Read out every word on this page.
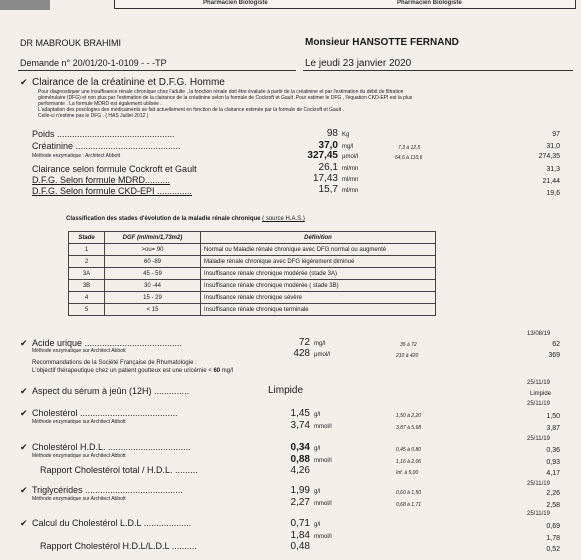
Pharmacien Biologiste	Pharmacien Biologiste
DR MABROUK BRAHIMI	Monsieur HANSOTTE FERNAND
Demande n° 20/01/20-1-0109 - - -TP	Le jeudi 23 janvier 2020
✔ Clairance de la créatinine et D.F.G. Homme
Pour diagnostiquer une insuffisance rénale chronique chez l'adulte , la fonction rénale doit être évaluée à partir de la créatinine et par l'estimation du débit de filtration
glomérulaire (DFG) et non plus par l'estimation de la clairance de la créatinine selon la formule de Cockroft et Gault .Pour estimer le DFG , l'équation CKD-EPI est la plus
performante . La formule MDRD est également utilisée .
L'adaptation des posologies des médicaments se fait actuellement en fonction de la clairance estimée par la formule de Cockroft et Gault .
Celle-ci n'estime pas le DFG . ( HAS Juillet 2012 )
Poids ...............................................	98 Kg	97
Créatinine ..........................................	37,0 mg/l	7,3 à 12,5	31,0
Méthode enzymatique : Architect Abbott	327,45 µmol/l	64,6 à 110,6	274,35
Clairance selon formule Cockroft et Gault	26,1 ml/mn	31,3
D.F.G. Selon formule MDRD..........	17,43 ml/mn	21,44
D.F.G. Selon formule CKD-EPI ..............	15,7 ml/mn	19,6
Classification des stades d'évolution de la maladie rénale chronique ( source H.A.S.)
Stade	DGF (ml/min/1,73m2)	Définition
1	>ou= 90	Normal ou Maladie rénale chronique avec DFG normal ou augmenté
2	60 -89	Maladie rénale chronique avec DFG légèrement diminué
3A	45 - 59	Insuffisance rénale chronique modérée (stade 3A)
3B	30 -44	Insuffisance rénale chronique modérée ( stade 3B)
4	15 - 29	Insuffisance rénale chronique sévère
5	< 15	Insuffisance rénale chronique terminale
13/08/19
✔ Acide urique .......................................
Méthode enzymatique sur Architect Abbott
72 mg/l	35 à 72	62
428 µmol/l	210 à 420	369
Recommandations de la Société Française de Rhumatologie :
L'objectif thérapeutique chez un patient goutteux est une uricémie < 60 mg/l
25/11/19
✔ Aspect du sérum à jeûn (12H) ..............	Limpide	Limpide
25/11/19
✔ Cholestérol .......................................
Méthode enzymatique sur Architect Abbott
1,45 g/l	1,50 à 2,20	1,50
3,74 mmol/l	3,87 à 5,68	3,87
25/11/19
✔ Cholestérol H.D.L. .................................
Méthode enzymatique sur Architect Abbott
0,34 g/l	0,45 à 0,80	0,36
0,88 mmol/l	1,16 à 2,06	0,93
Rapport Cholestérol total / H.D.L. .........	4,26	Inf. à 5,00	4,17
25/11/19
✔ Triglycérides .......................................
Méthode enzymatique sur Architect Abbott
1,99 g/l	0,60 à 1,50	2,26
2,27 mmol/l	0,68 à 1,71	2,58
25/11/19
✔ Calcul du Cholestérol L.D.L ...................	0,71 g/l	0,69
1,84 mmol/l	1,78
Rapport Cholestérol H.D.L/L.D.L ..........	0,48	0,52
